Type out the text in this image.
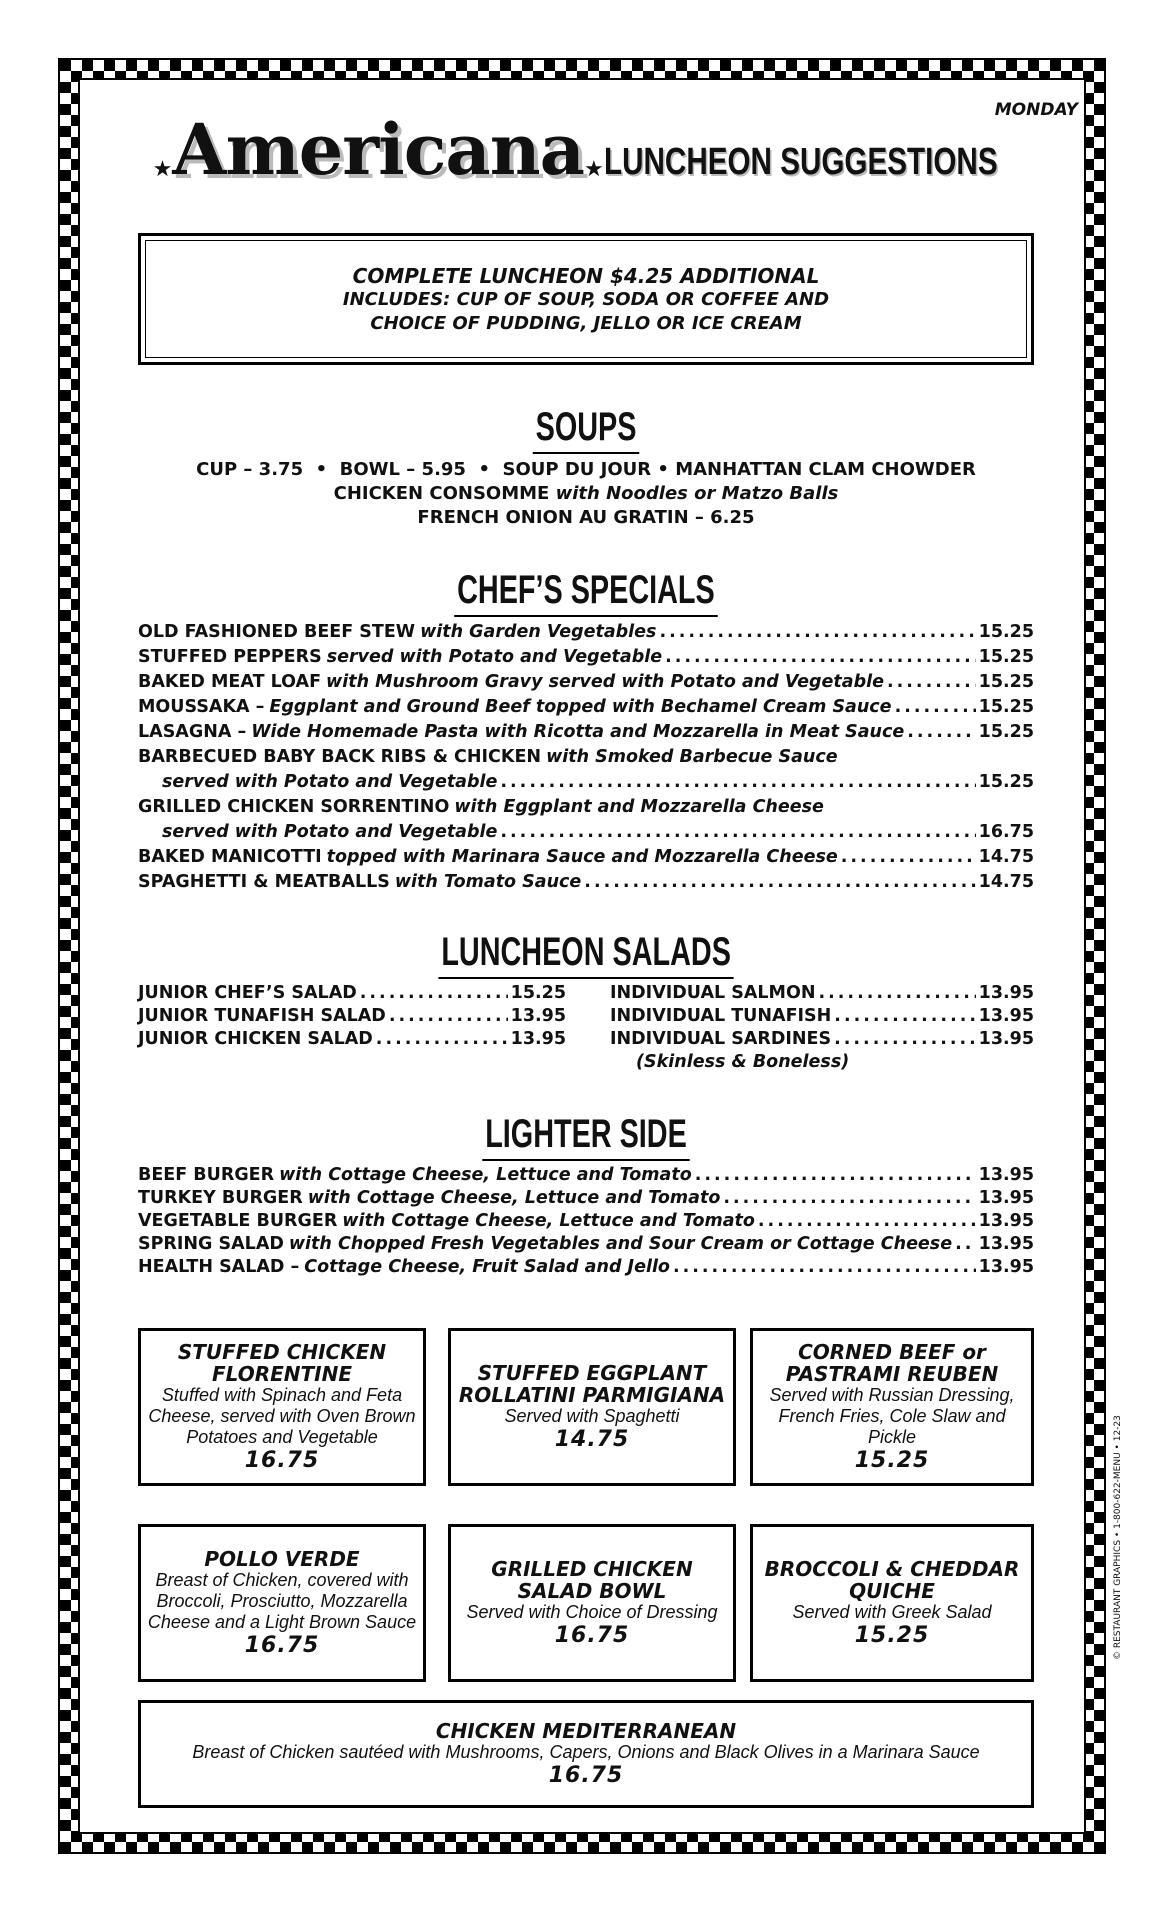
MONDAY
★Americana★LUNCHEON SUGGESTIONS
COMPLETE LUNCHEON $4.25 ADDITIONAL
INCLUDES: CUP OF SOUP, SODA OR COFFEE AND
CHOICE OF PUDDING, JELLO OR ICE CREAM
SOUPS
CUP – 3.75  •  BOWL – 5.95  •  SOUP DU JOUR • MANHATTAN CLAM CHOWDER
CHICKEN CONSOMME with Noodles or Matzo Balls
FRENCH ONION AU GRATIN – 6.25
CHEF’S SPECIALS
OLD FASHIONED BEEF STEW with Garden Vegetables .....	15.25
STUFFED PEPPERS served with Potato and Vegetable .....	15.25
BAKED MEAT LOAF with Mushroom Gravy served with Potato and Vegetable .....	15.25
MOUSSAKA – Eggplant and Ground Beef topped with Bechamel Cream Sauce .....	15.25
LASAGNA – Wide Homemade Pasta with Ricotta and Mozzarella in Meat Sauce .....	15.25
BARBECUED BABY BACK RIBS & CHICKEN with Smoked Barbecue Sauce
served with Potato and Vegetable .....	15.25
GRILLED CHICKEN SORRENTINO with Eggplant and Mozzarella Cheese
served with Potato and Vegetable .....	16.75
BAKED MANICOTTI topped with Marinara Sauce and Mozzarella Cheese .....	14.75
SPAGHETTI & MEATBALLS with Tomato Sauce .....	14.75
LUNCHEON SALADS
JUNIOR CHEF’S SALAD .....	15.25
JUNIOR TUNAFISH SALAD .....	13.95
JUNIOR CHICKEN SALAD .....	13.95
INDIVIDUAL SALMON .....	13.95
INDIVIDUAL TUNAFISH .....	13.95
INDIVIDUAL SARDINES .....	13.95
(Skinless & Boneless)
LIGHTER SIDE
BEEF BURGER with Cottage Cheese, Lettuce and Tomato .....	13.95
TURKEY BURGER with Cottage Cheese, Lettuce and Tomato .....	13.95
VEGETABLE BURGER with Cottage Cheese, Lettuce and Tomato .....	13.95
SPRING SALAD with Chopped Fresh Vegetables and Sour Cream or Cottage Cheese ..... 13.95
HEALTH SALAD – Cottage Cheese, Fruit Salad and Jello .....	13.95
STUFFED CHICKEN FLORENTINE
Stuffed with Spinach and Feta Cheese, served with Oven Brown Potatoes and Vegetable
16.75
STUFFED EGGPLANT ROLLATINI PARMIGIANA
Served with Spaghetti
14.75
CORNED BEEF or PASTRAMI REUBEN
Served with Russian Dressing, French Fries, Cole Slaw and Pickle
15.25
POLLO VERDE
Breast of Chicken, covered with Broccoli, Prosciutto, Mozzarella Cheese and a Light Brown Sauce
16.75
GRILLED CHICKEN SALAD BOWL
Served with Choice of Dressing
16.75
BROCCOLI & CHEDDAR QUICHE
Served with Greek Salad
15.25
CHICKEN MEDITERRANEAN
Breast of Chicken sautéed with Mushrooms, Capers, Onions and Black Olives in a Marinara Sauce
16.75
© RESTAURANT GRAPHICS • 1-800-622-MENU • 12-23
